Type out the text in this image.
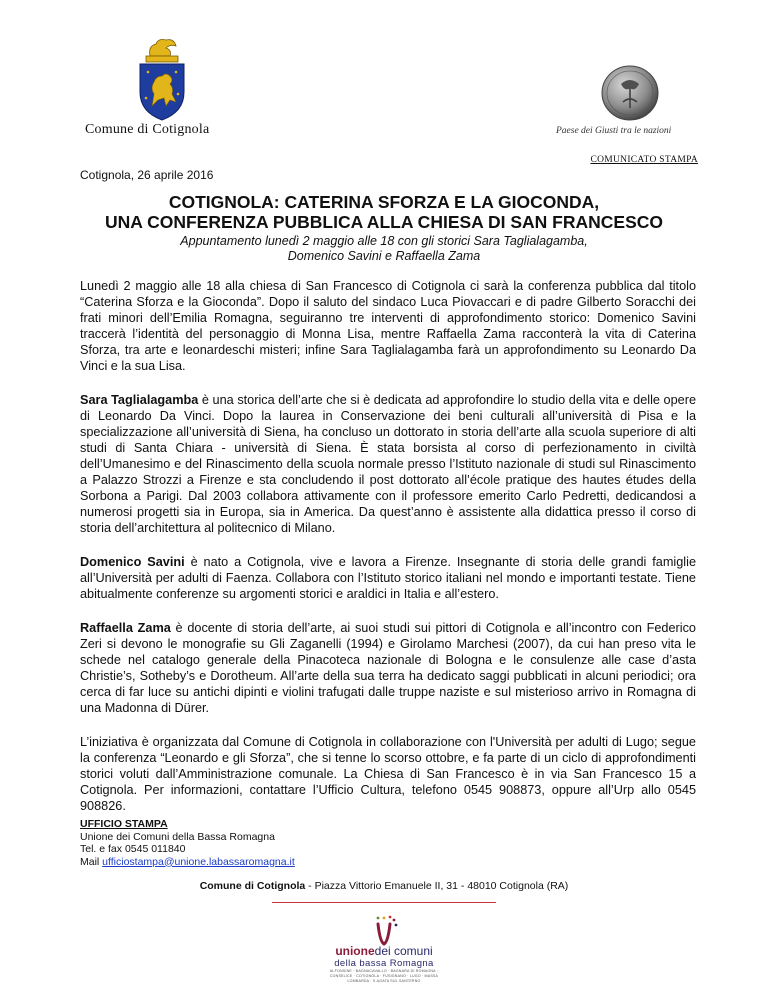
Comune di Cotignola	Paese dei Giusti tra le nazioni
COMUNICATO STAMPA
Cotignola, 26 aprile 2016
COTIGNOLA: CATERINA SFORZA E LA GIOCONDA,
UNA CONFERENZA PUBBLICA ALLA CHIESA DI SAN FRANCESCO
Appuntamento lunedì 2 maggio alle 18 con gli storici Sara Taglialagamba,
Domenico Savini e Raffaella Zama

Lunedì 2 maggio alle 18 alla chiesa di San Francesco di Cotignola ci sarà la conferenza pubblica dal titolo “Caterina Sforza e la Gioconda”. Dopo il saluto del sindaco Luca Piovaccari e di padre Gilberto Soracchi dei frati minori dell’Emilia Romagna, seguiranno tre interventi di approfondimento storico: Domenico Savini traccerà l’identità del personaggio di Monna Lisa, mentre Raffaella Zama racconterà la vita di Caterina Sforza, tra arte e leonardeschi misteri; infine Sara Taglialagamba farà un approfondimento su Leonardo Da Vinci e la sua Lisa.

Sara Taglialagamba è una storica dell’arte che si è dedicata ad approfondire lo studio della vita e delle opere di Leonardo Da Vinci. Dopo la laurea in Conservazione dei beni culturali all’università di Pisa e la specializzazione all’università di Siena, ha concluso un dottorato in storia dell’arte alla scuola superiore di alti studi di Santa Chiara - università di Siena. È stata borsista al corso di perfezionamento in civiltà dell’Umanesimo e del Rinascimento della scuola normale presso l’Istituto nazionale di studi sul Rinascimento a Palazzo Strozzi a Firenze e sta concludendo il post dottorato all’école pratique des hautes études della Sorbona a Parigi. Dal 2003 collabora attivamente con il professore emerito Carlo Pedretti, dedicandosi a numerosi progetti sia in Europa, sia in America. Da quest’anno è assistente alla didattica presso il corso di storia dell’architettura al politecnico di Milano.

Domenico Savini è nato a Cotignola, vive e lavora a Firenze. Insegnante di storia delle grandi famiglie all’Università per adulti di Faenza. Collabora con l’Istituto storico italiani nel mondo e importanti testate. Tiene abitualmente conferenze su argomenti storici e araldici in Italia e all’estero.

Raffaella Zama è docente di storia dell’arte, ai suoi studi sui pittori di Cotignola e all’incontro con Federico Zeri si devono le monografie su Gli Zaganelli (1994) e Girolamo Marchesi (2007), da cui han preso vita le schede nel catalogo generale della Pinacoteca nazionale di Bologna e le consulenze alle case d’asta Christie’s, Sotheby’s e Dorotheum. All’arte della sua terra ha dedicato saggi pubblicati in alcuni periodici; ora cerca di far luce su antichi dipinti e violini trafugati dalle truppe naziste e sul misterioso arrivo in Romagna di una Madonna di Dürer.

L’iniziativa è organizzata dal Comune di Cotignola in collaborazione con l'Università per adulti di Lugo; segue la conferenza “Leonardo e gli Sforza”, che si tenne lo scorso ottobre, e fa parte di un ciclo di approfondimenti storici voluti dall’Amministrazione comunale. La Chiesa di San Francesco è in via San Francesco 15 a Cotignola. Per informazioni, contattare l’Ufficio Cultura, telefono 0545 908873, oppure all’Urp allo 0545 908826.

UFFICIO STAMPA
Unione dei Comuni della Bassa Romagna
Tel. e fax 0545 011840
Mail ufficiostampa@unione.labassaromagna.it
Comune di Cotignola - Piazza Vittorio Emanuele II, 31 - 48010 Cotignola (RA)
unionedei comuni
della bassa Romagna
ALFONSINE · BAGNACAVALLO · BAGNARA DI ROMAGNA · CONSELICE · COTIGNOLA · FUSIGNANO · LUGO · MASSA LOMBARDA · S.AGATA SUL SANTERNO
